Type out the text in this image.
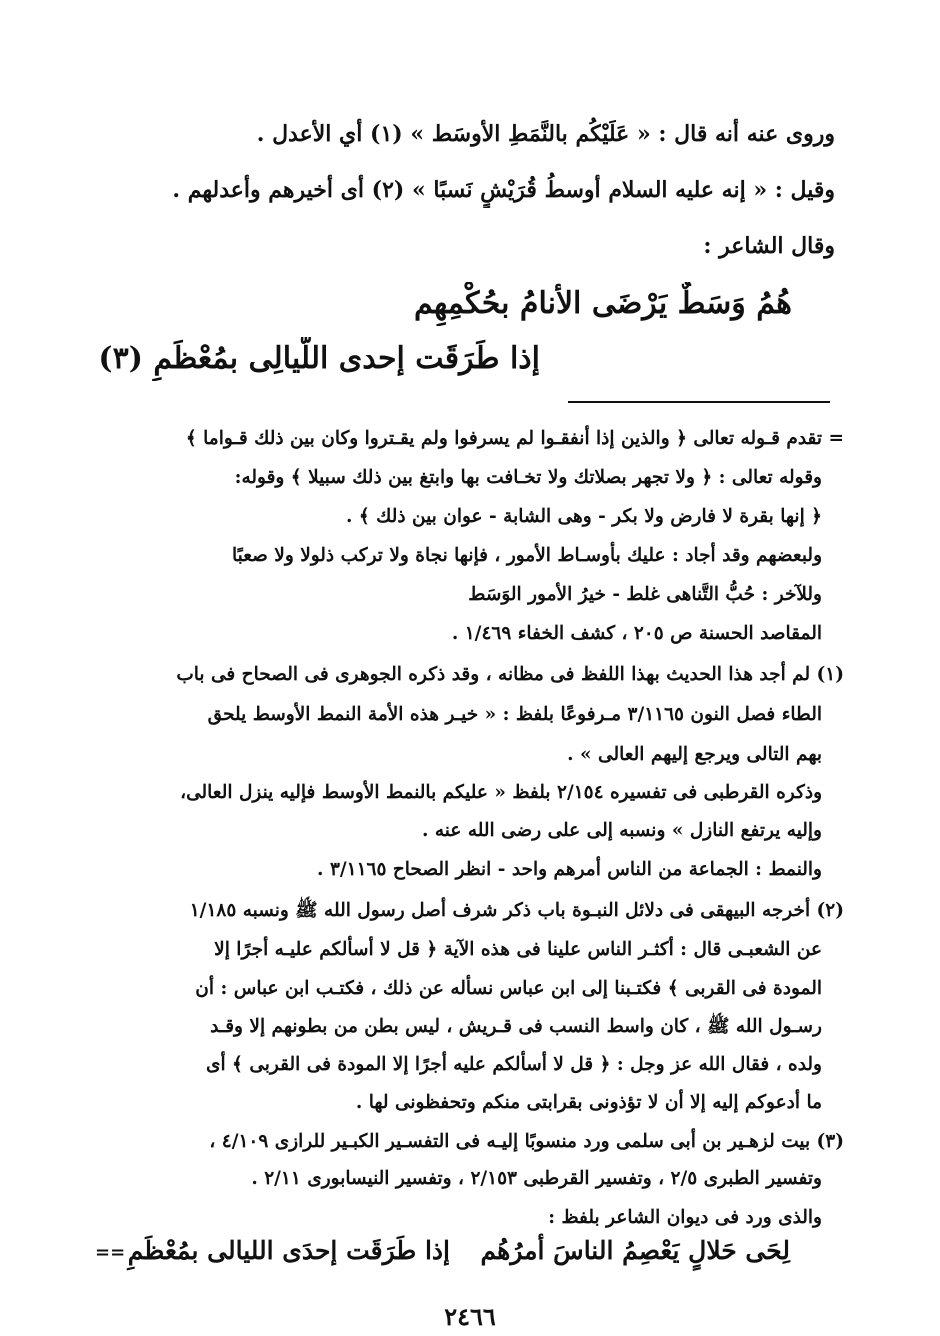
وروى عنه أنه قال : « عَلَيْكُم بالنَّمَطِ الأوسَط » (١) أي الأعدل .
وقيل : « إنه عليه السلام أوسطُ قُرَيْشٍ نَسبًا » (٢) أى أخيرهم وأعدلهم .
وقال الشاعر :
هُمُ وَسَطٌ يَرْضَى الأنامُ بحُكْمِهِم
إذا طَرَقَت إحدى اللَّيالِى بمُعْظَمِ (٣)
= تقدم قـوله تعالى ﴿ والذين إذا أنفقـوا لم يسرفوا ولم يقـتروا وكان بين ذلك قـواما ﴾
وقوله تعالى : ﴿ ولا تجهر بصلاتك ولا تخـافت بها وابتغ بين ذلك سبيلا ﴾ وقوله:
﴿ إنها بقرة لا فارض ولا بكر - وهى الشابة - عوان بين ذلك ﴾ .
ولبعضهم وقد أجاد : عليك بأوسـاط الأمور ، فإنها نجاة ولا تركب ذلولا ولا صعبًا
وللآخر : حُبُّ التَّناهى غلط - خيرُ الأمور الوَسَط
المقاصد الحسنة ص ٢٠٥ ، كشف الخفاء ١/٤٦٩ .
(١) لم أجد هذا الحديث بهذا اللفظ فى مظانه ، وقد ذكره الجوهرى فى الصحاح فى باب
الطاء فصل النون ٣/١١٦٥ مـرفوعًا بلفظ : « خيـر هذه الأمة النمط الأوسط يلحق
بهم التالى ويرجع إليهم العالى » .
وذكره القرطبى فى تفسيره ٢/١٥٤ بلفظ « عليكم بالنمط الأوسط فإليه ينزل العالى،
وإليه يرتفع النازل » ونسبه إلى على رضى الله عنه .
والنمط : الجماعة من الناس أمرهم واحد - انظر الصحاح ٣/١١٦٥ .
(٢) أخرجه البيهقى فى دلائل النبـوة باب ذكر شرف أصل رسول الله ﷺ ونسبه ١/١٨٥
عن الشعبـى قال : أكثـر الناس علينا فى هذه الآية ﴿ قل لا أسألكم عليـه أجرًا إلا
المودة فى القربى ﴾ فكتـبنا إلى ابن عباس نسأله عن ذلك ، فكتـب ابن عباس : أن
رسـول الله ﷺ ، كان واسط النسب فى قـريش ، ليس بطن من بطونهم إلا وقـد
ولده ، فقال الله عز وجل : ﴿ قل لا أسألكم عليه أجرًا إلا المودة فى القربى ﴾ أى
ما أدعوكم إليه إلا أن لا تؤذونى بقرابتى منكم وتحفظونى لها .
(٣) بيت لزهـير بن أبى سلمى ورد منسوبًا إليـه فى التفسـير الكبـير للرازى ٤/١٠٩ ،
وتفسير الطبرى ٢/٥ ، وتفسير القرطبى ٢/١٥٣ ، وتفسير النيسابورى ٢/١١ .
والذى ورد فى ديوان الشاعر بلفظ :
لِحَى حَلالٍ يَعْصِمُ الناسَ أمرُهُم
إذا طَرَقَت إحدَى الليالى بمُعْظَمِ
==
٢٤٦٦
